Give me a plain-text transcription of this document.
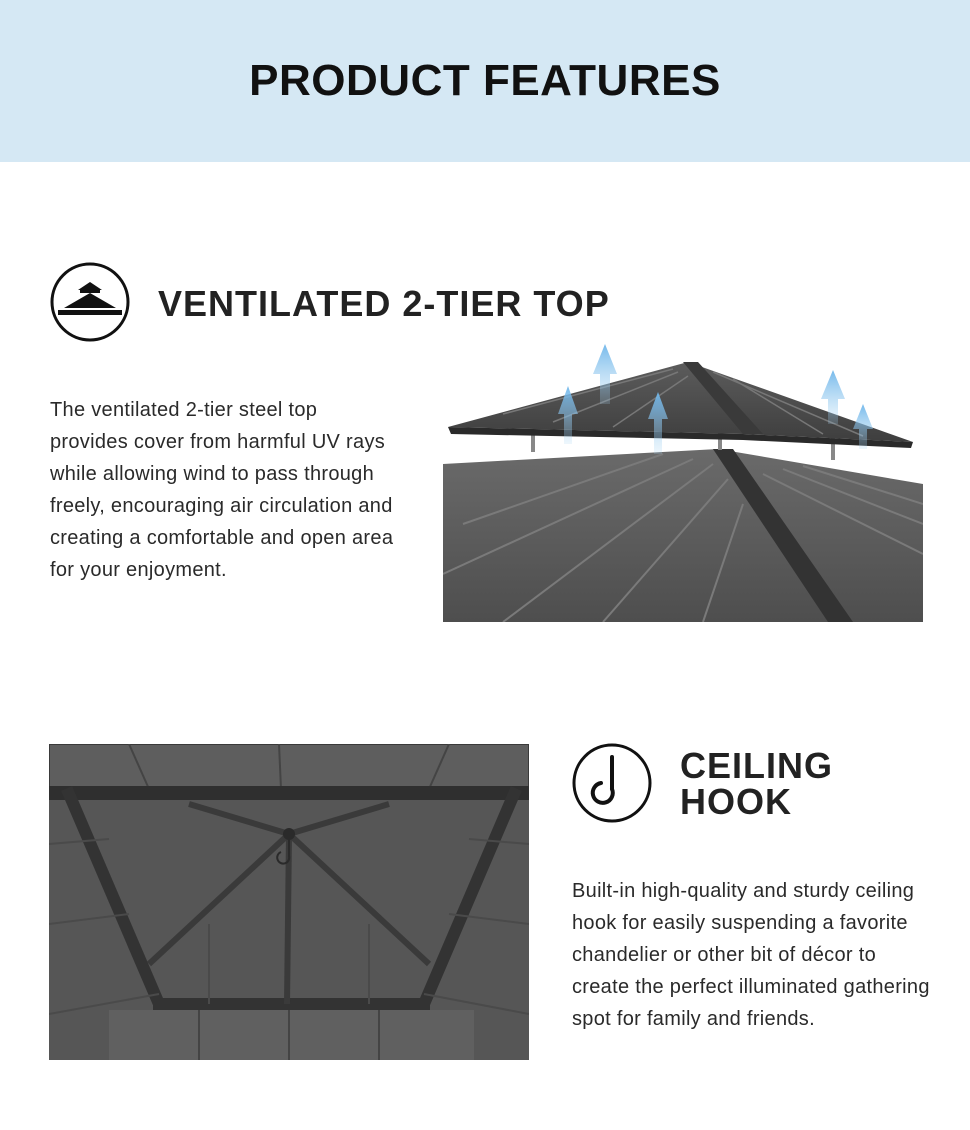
PRODUCT FEATURES
VENTILATED 2-TIER TOP
The ventilated 2-tier steel top provides cover from harmful UV rays while allowing wind to pass through freely, encouraging air circulation and creating a comfortable and open area for your enjoyment.
CEILING
HOOK
Built-in high-quality and sturdy ceiling hook for easily suspending a favorite chandelier or other bit of décor to create the perfect illuminated gathering spot for family and friends.
